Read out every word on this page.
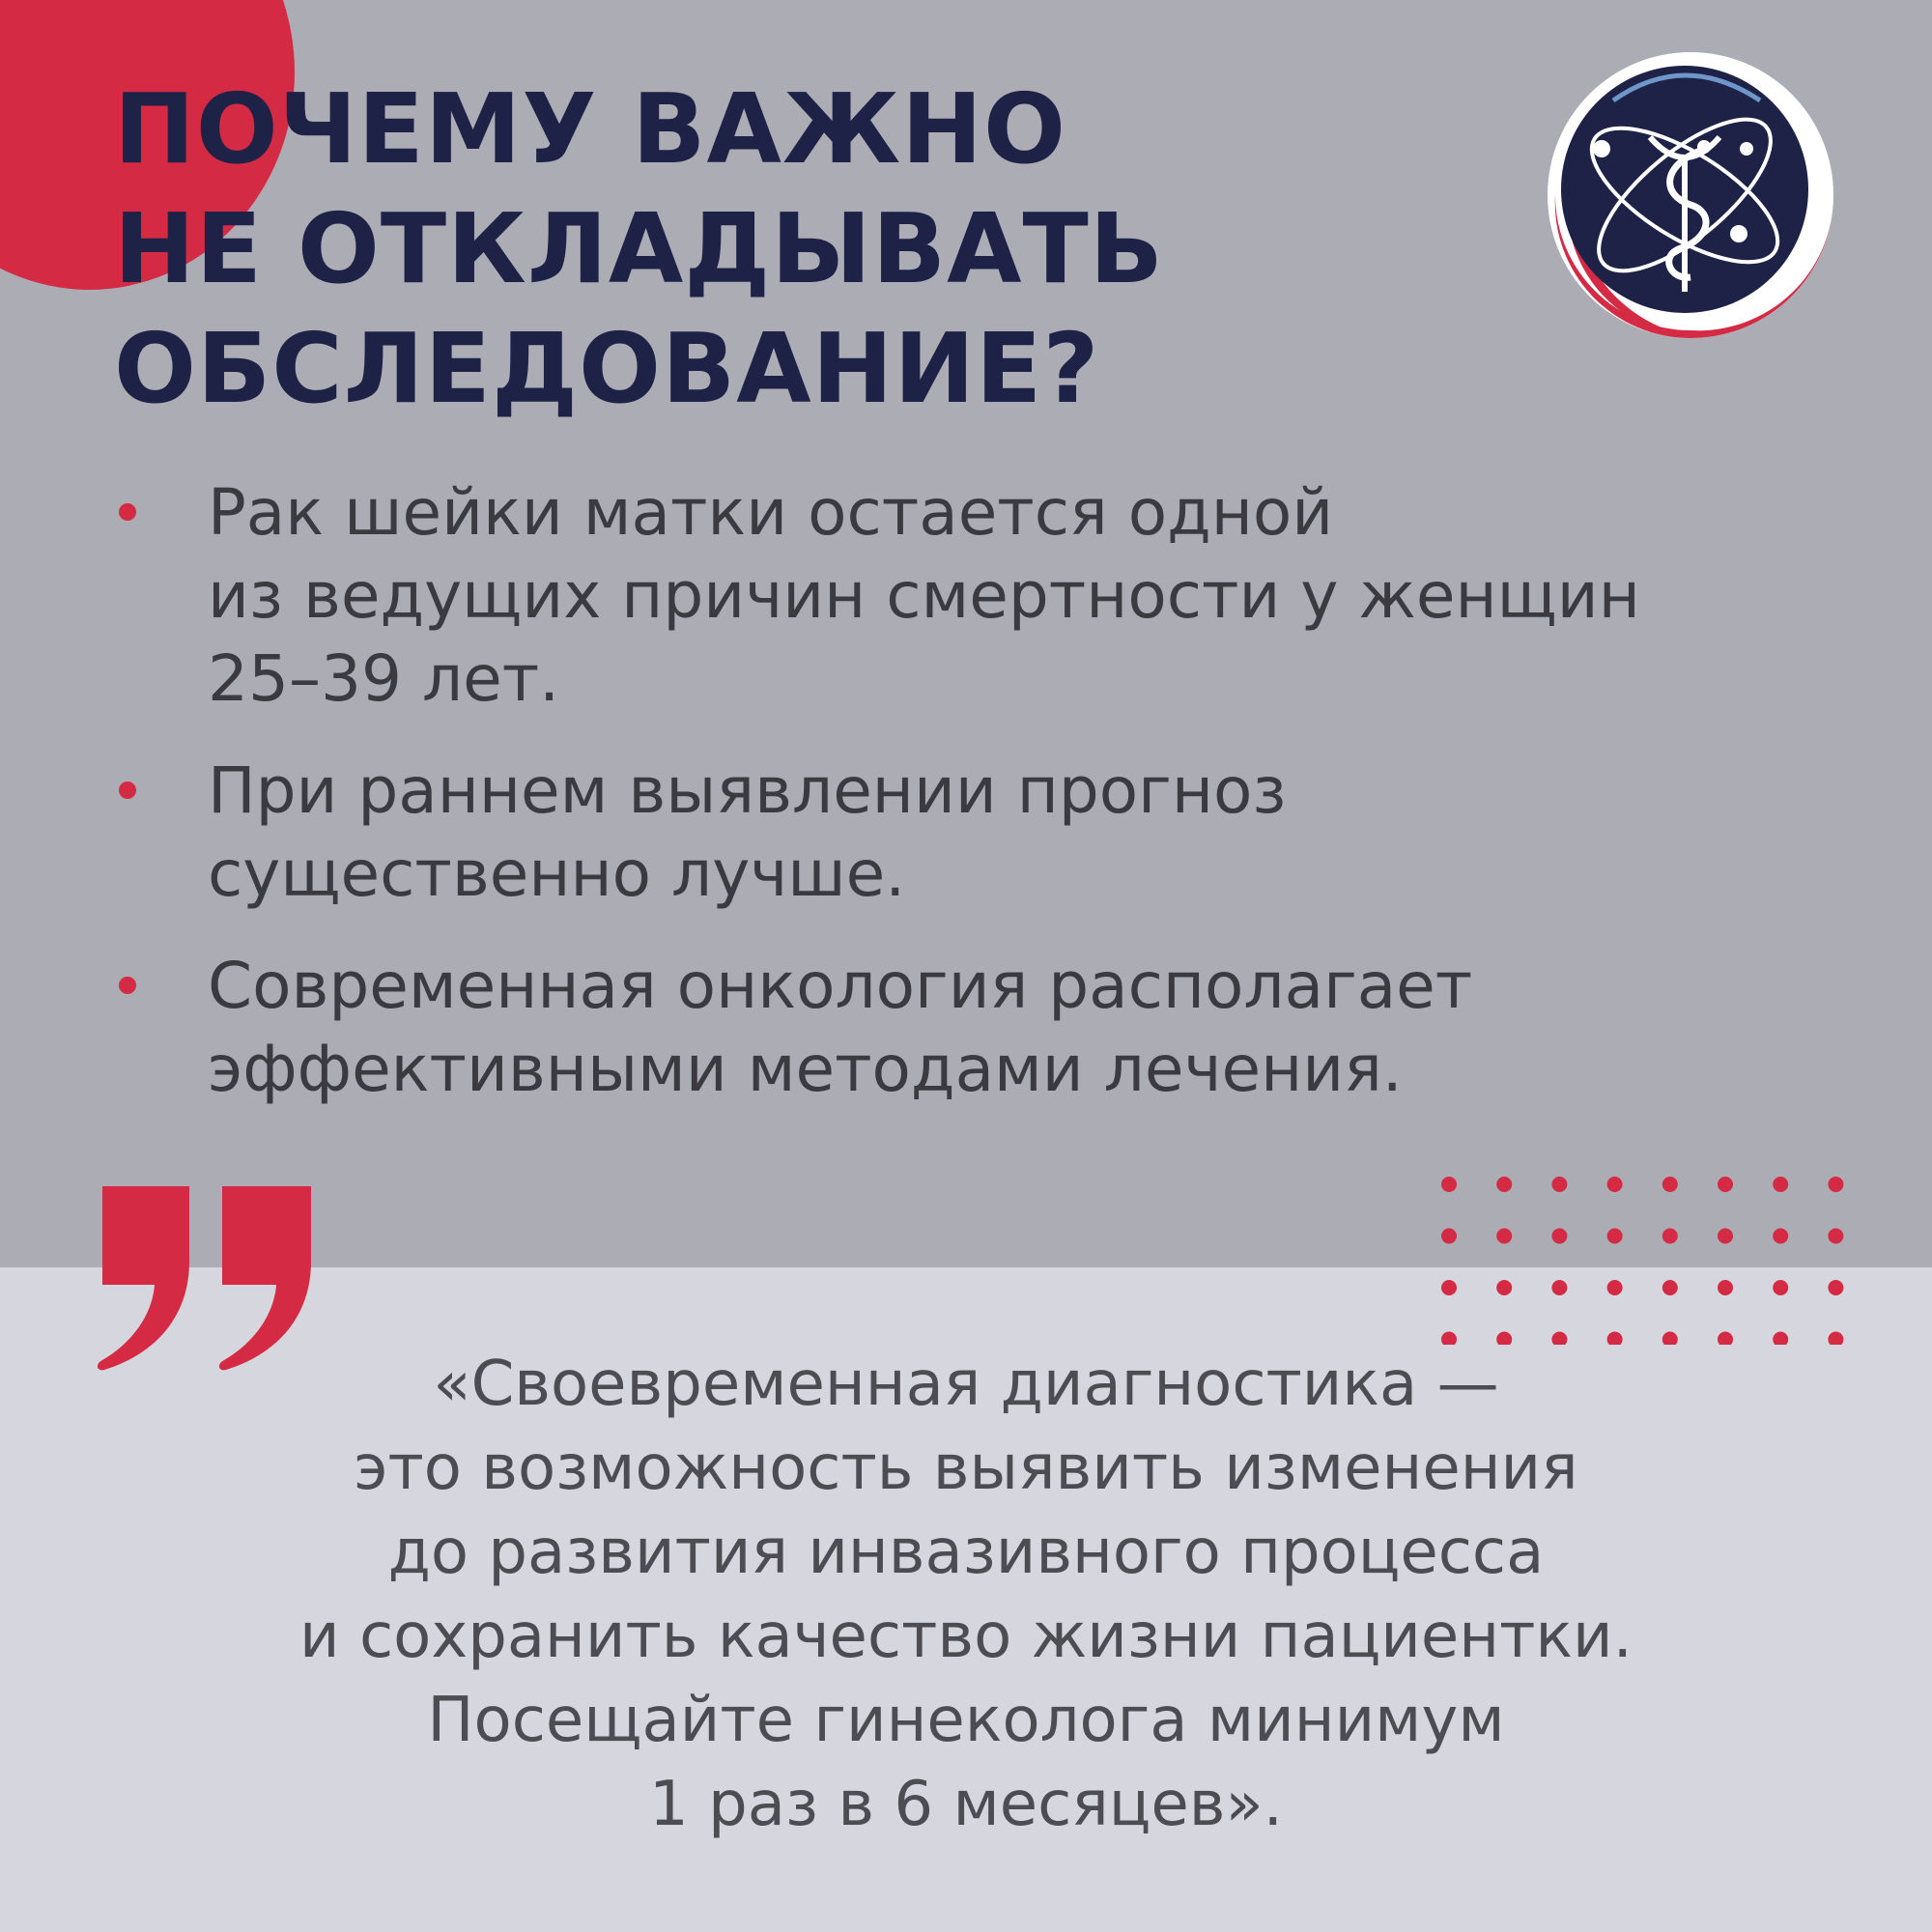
ПОЧЕМУ ВАЖНО
НЕ ОТКЛАДЫВАТЬ
ОБСЛЕДОВАНИЕ?
Рак шейки матки остается одной
из ведущих причин смертности у женщин
25–39 лет.
При раннем выявлении прогноз
существенно лучше.
Современная онкология располагает
эффективными методами лечения.

«Своевременная диагностика —
это возможность выявить изменения
до развития инвазивного процесса
и сохранить качество жизни пациентки.
Посещайте гинеколога минимум
1 раз в 6 месяцев».
